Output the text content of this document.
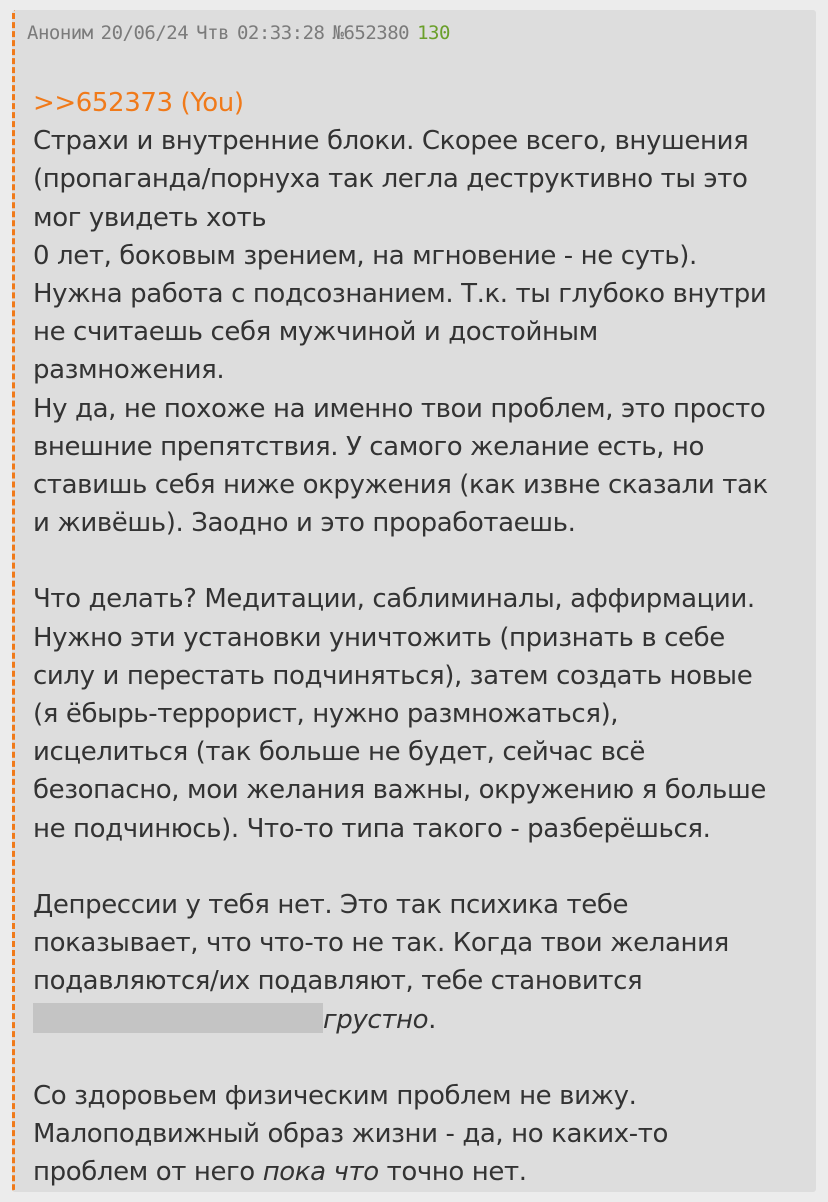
Аноним 20/06/24 Чтв 02:33:28 №652380 130
>>652373 (You)
Страхи и внутренние блоки. Скорее всего, внушения
(пропаганда/порнуха так легла деструктивно ты это
мог увидеть хоть
0 лет, боковым зрением, на мгновение - не суть).
Нужна работа с подсознанием. Т.к. ты глубоко внутри
не считаешь себя мужчиной и достойным
размножения.
Ну да, не похоже на именно твои проблем, это просто
внешние препятствия. У самого желание есть, но
ставишь себя ниже окружения (как извне сказали так
и живёшь). Заодно и это проработаешь.
Что делать? Медитации, саблиминалы, аффирмации.
Нужно эти установки уничтожить (признать в себе
силу и перестать подчиняться), затем создать новые
(я ёбырь-террорист, нужно размножаться),
исцелиться (так больше не будет, сейчас всё
безопасно, мои желания важны, окружению я больше
не подчинюсь). Что-то типа такого - разберёшься.
Депрессии у тебя нет. Это так психика тебе
показывает, что что-то не так. Когда твои желания
подавляются/их подавляют, тебе становится
грустно.
Со здоровьем физическим проблем не вижу.
Малоподвижный образ жизни - да, но каких-то
проблем от него пока что точно нет.
